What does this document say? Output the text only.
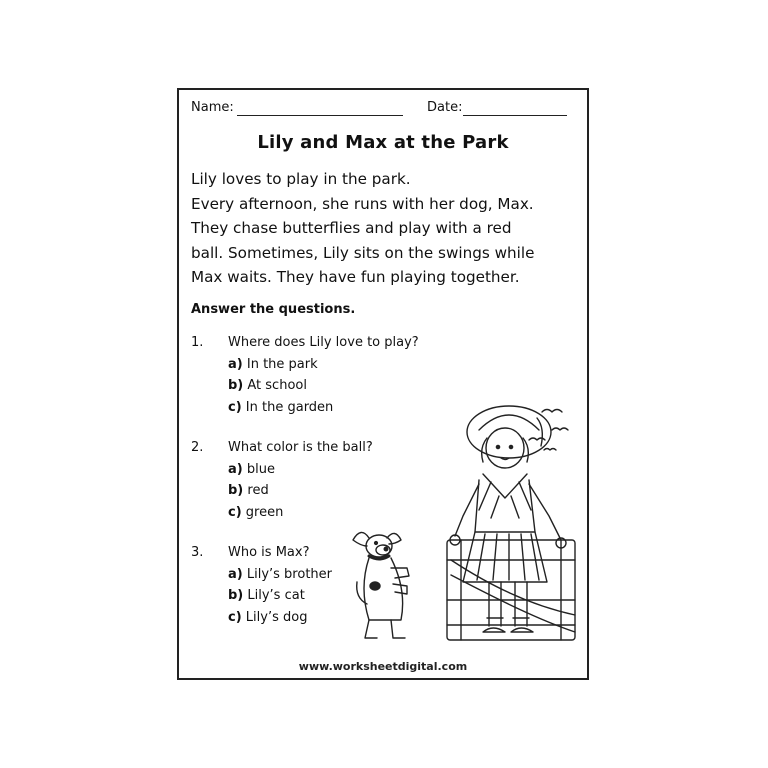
Name:	Date:
Lily and Max at the Park
Lily loves to play in the park.
Every afternoon, she runs with her dog, Max.
They chase butterflies and play with a red
ball. Sometimes, Lily sits on the swings while
Max waits. They have fun playing together.
Answer the questions.
1. Where does Lily love to play?
a) In the park
b) At school
c) In the garden
2. What color is the ball?
a) blue
b) red
c) green
3. Who is Max?
a) Lily’s brother
b) Lily’s cat
c) Lily’s dog
www.worksheetdigital.com
